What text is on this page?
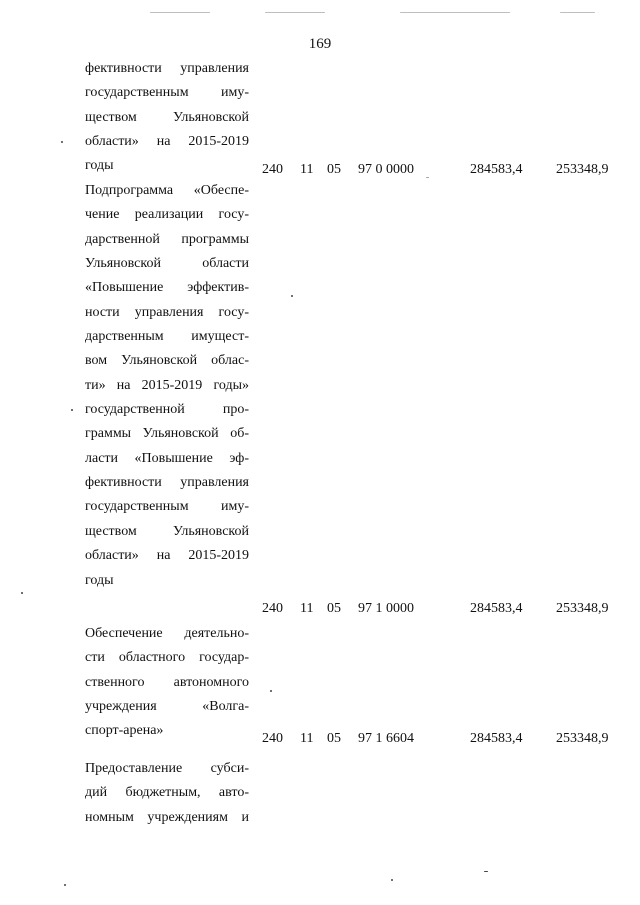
169
фективности управления
государственным иму-
ществом Ульяновской
области» на 2015-2019
годы	240 11 05 97 0 0000	284583,4 253348,9
Подпрограмма «Обеспе-
чение реализации госу-
дарственной программы
Ульяновской области
«Повышение эффектив-
ности управления госу-
дарственным имущест-
вом Ульяновской облас-
ти» на 2015-2019 годы»
государственной про-
граммы Ульяновской об-
ласти «Повышение эф-
фективности управления
государственным иму-
ществом Ульяновской
области» на 2015-2019
годы
240 11 05 97 1 0000	284583,4 253348,9
Обеспечение деятельно-
сти областного государ-
ственного автономного
учреждения «Волга-
спорт-арена»
240 11 05 97 1 6604	284583,4 253348,9
Предоставление субси-
дий бюджетным, авто-
номным учреждениям и
